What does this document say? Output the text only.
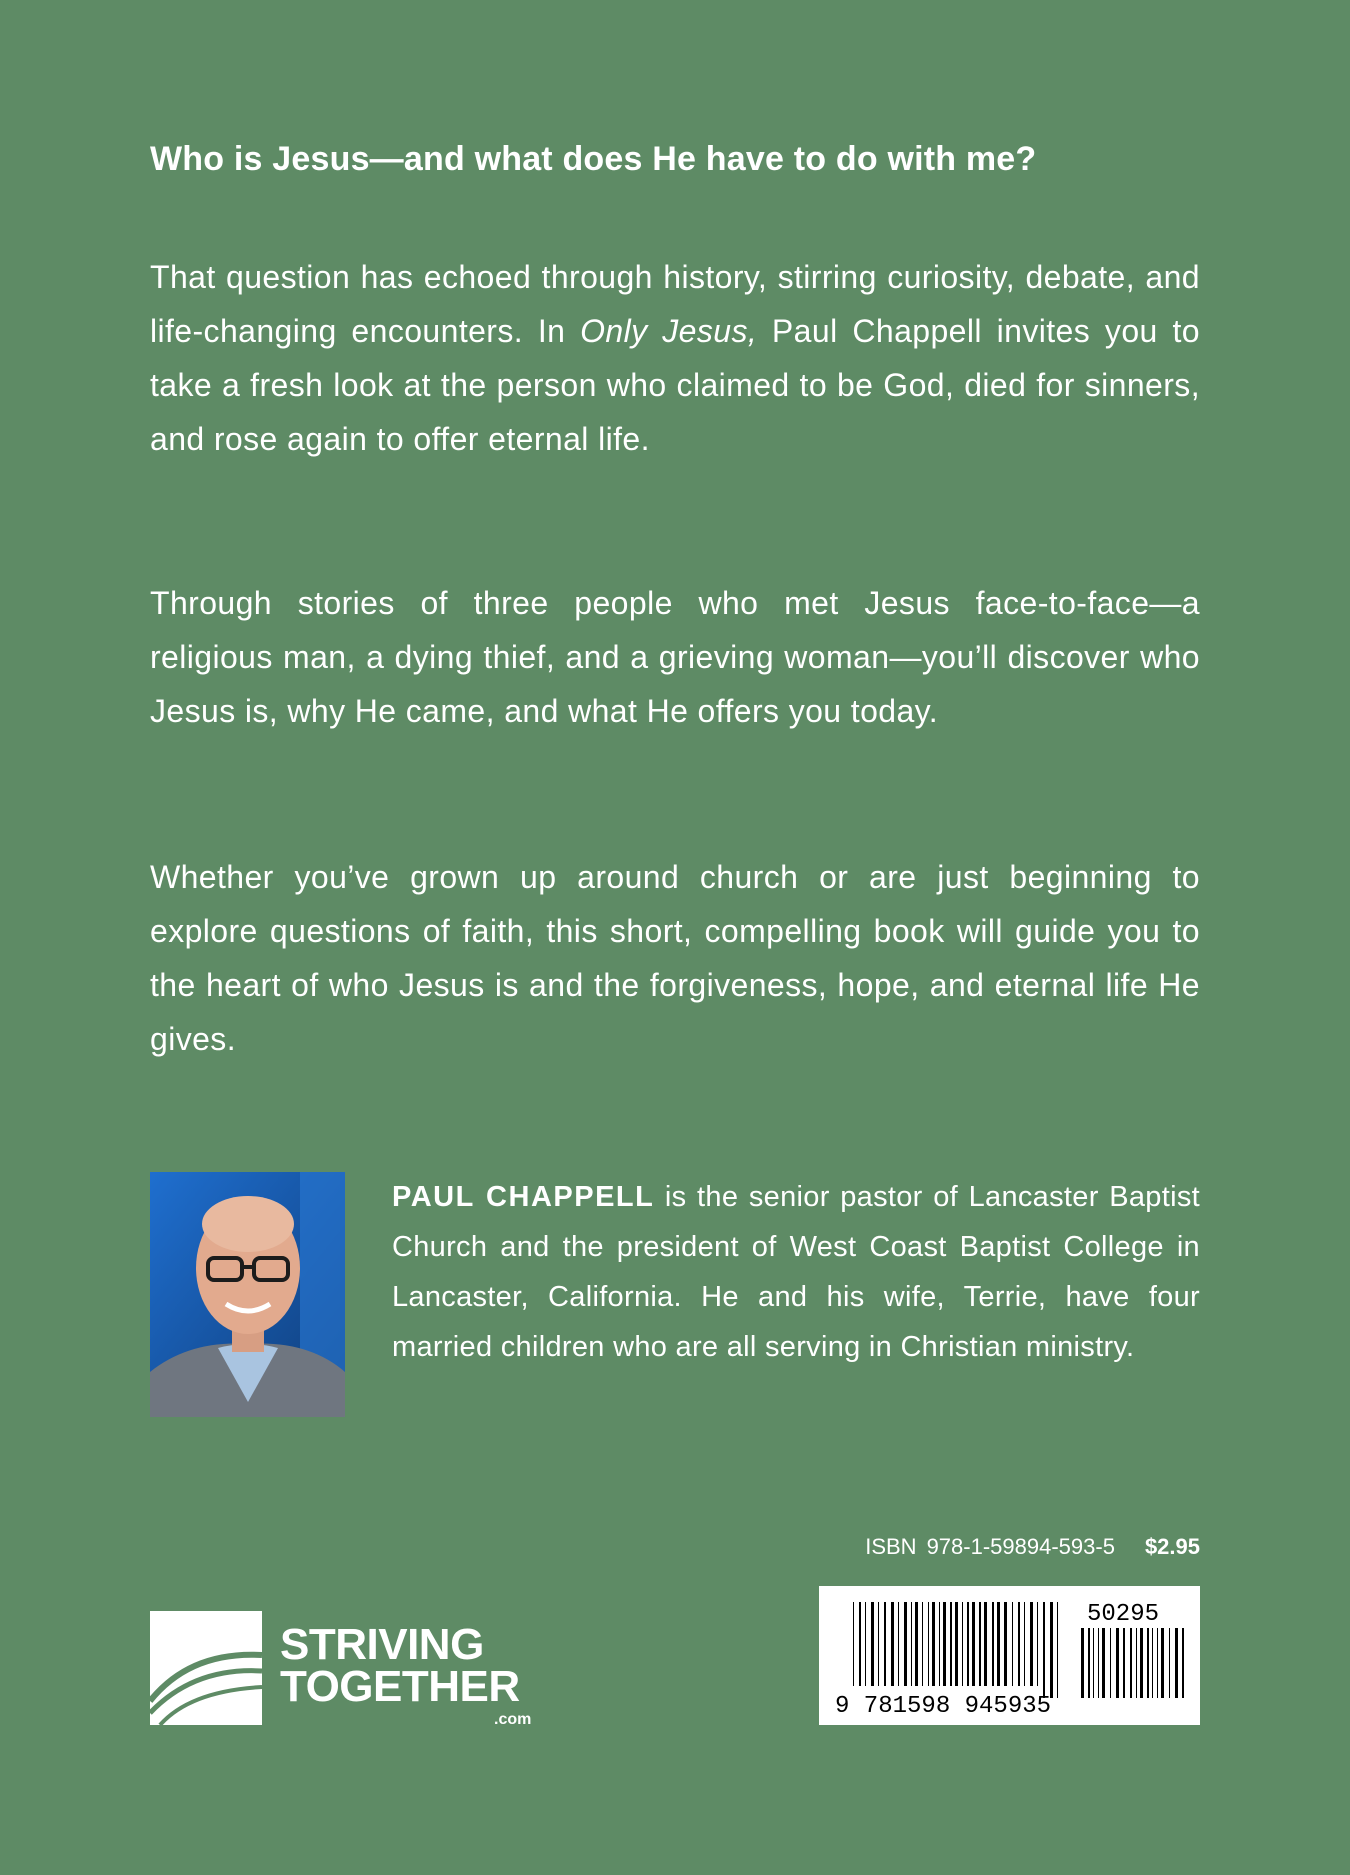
Who is Jesus—and what does He have to do with me?

That question has echoed through history, stirring curiosity, debate, and life-changing encounters. In Only Jesus, Paul Chappell invites you to take a fresh look at the person who claimed to be God, died for sinners, and rose again to offer eternal life.

Through stories of three people who met Jesus face-to-face—a religious man, a dying thief, and a grieving woman—you’ll discover who Jesus is, why He came, and what He offers you today.

Whether you’ve grown up around church or are just beginning to explore questions of faith, this short, compelling book will guide you to the heart of who Jesus is and the forgiveness, hope, and eternal life He gives.

PAUL CHAPPELL is the senior pastor of Lancaster Baptist Church and the president of West Coast Baptist College in Lancaster, California. He and his wife, Terrie, have four married children who are all serving in Christian ministry.

ISBN 978-1-59894-593-5 $2.95
9 781598 945935
50295

STRIVING

TOGETHER

.com
